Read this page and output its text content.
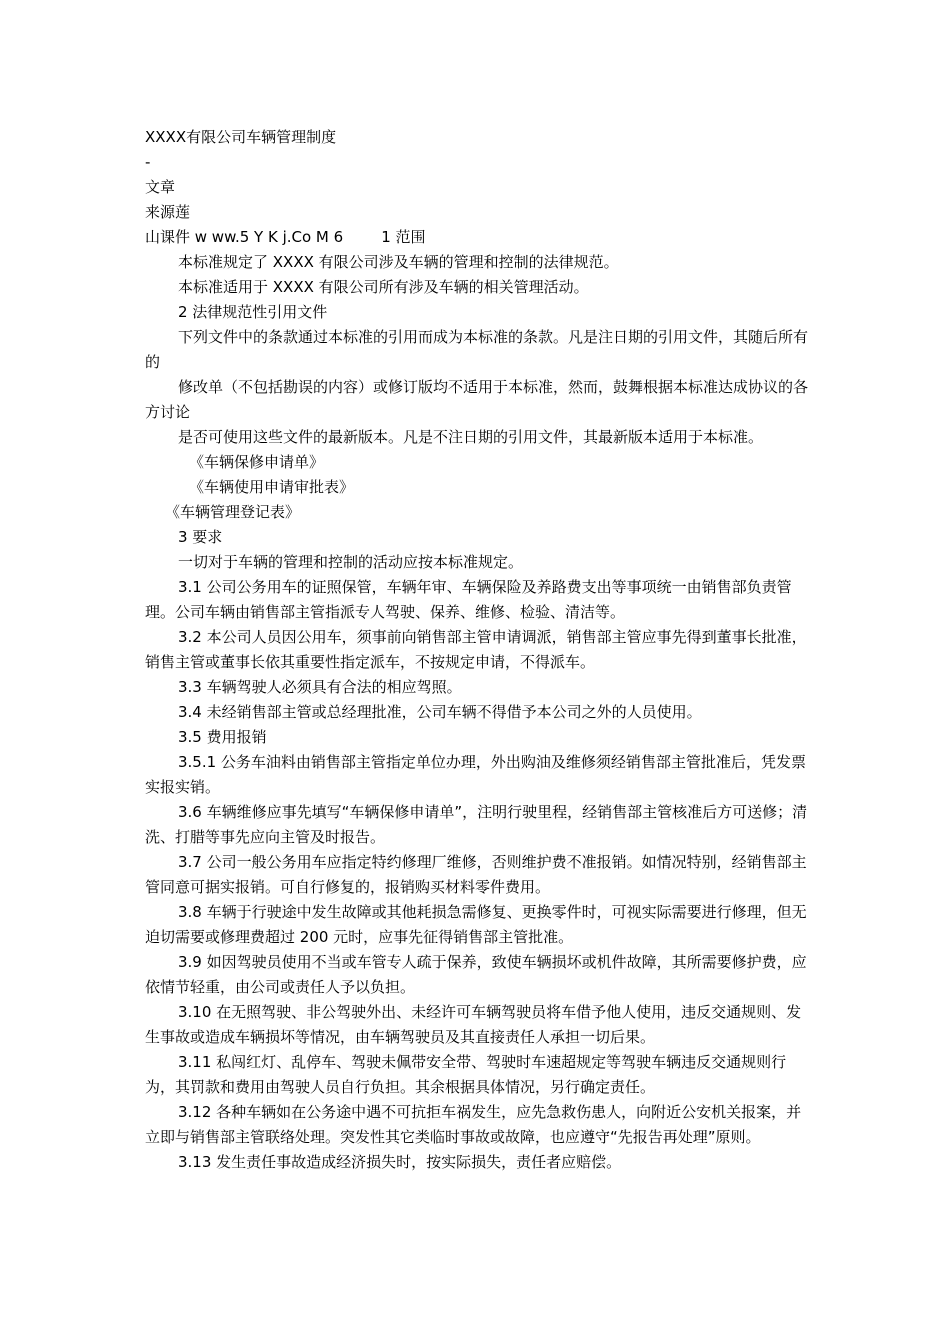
XXXX有限公司车辆管理制度

-

文章

来源莲

山课件 w ww.5 Y K j.Co M 6	1 范围

本标准规定了 XXXX 有限公司涉及车辆的管理和控制的法律规范。

本标准适用于 XXXX 有限公司所有涉及车辆的相关管理活动。

2 法律规范性引用文件

下列文件中的条款通过本标准的引用而成为本标准的条款。凡是注日期的引用文件，其随后所有的

修改单（不包括勘误的内容）或修订版均不适用于本标准，然而，鼓舞根据本标准达成协议的各方讨论

是否可使用这些文件的最新版本。凡是不注日期的引用文件，其最新版本适用于本标准。

《车辆保修申请单》

《车辆使用申请审批表》

《车辆管理登记表》

3 要求

一切对于车辆的管理和控制的活动应按本标准规定。

3.1 公司公务用车的证照保管，车辆年审、车辆保险及养路费支出等事项统一由销售部负责管理。公司车辆由销售部主管指派专人驾驶、保养、维修、检验、清洁等。

3.2 本公司人员因公用车，须事前向销售部主管申请调派，销售部主管应事先得到董事长批准，销售主管或董事长依其重要性指定派车，不按规定申请，不得派车。

3.3 车辆驾驶人必须具有合法的相应驾照。

3.4 未经销售部主管或总经理批准，公司车辆不得借予本公司之外的人员使用。

3.5 费用报销

3.5.1 公务车油料由销售部主管指定单位办理，外出购油及维修须经销售部主管批准后，凭发票实报实销。

3.6 车辆维修应事先填写“车辆保修申请单”，注明行驶里程，经销售部主管核准后方可送修；清洗、打腊等事先应向主管及时报告。

3.7 公司一般公务用车应指定特约修理厂维修，否则维护费不准报销。如情况特别，经销售部主管同意可据实报销。可自行修复的，报销购买材料零件费用。

3.8 车辆于行驶途中发生故障或其他耗损急需修复、更换零件时，可视实际需要进行修理，但无迫切需要或修理费超过 200 元时，应事先征得销售部主管批准。

3.9 如因驾驶员使用不当或车管专人疏于保养，致使车辆损坏或机件故障，其所需要修护费，应依情节轻重，由公司或责任人予以负担。

3.10 在无照驾驶、非公驾驶外出、未经许可车辆驾驶员将车借予他人使用，违反交通规则、发生事故或造成车辆损坏等情况，由车辆驾驶员及其直接责任人承担一切后果。

3.11 私闯红灯、乱停车、驾驶未佩带安全带、驾驶时车速超规定等驾驶车辆违反交通规则行为，其罚款和费用由驾驶人员自行负担。其余根据具体情况，另行确定责任。

3.12 各种车辆如在公务途中遇不可抗拒车祸发生，应先急救伤患人，向附近公安机关报案，并立即与销售部主管联络处理。突发性其它类临时事故或故障，也应遵守“先报告再处理”原则。

3.13 发生责任事故造成经济损失时，按实际损失，责任者应赔偿。
